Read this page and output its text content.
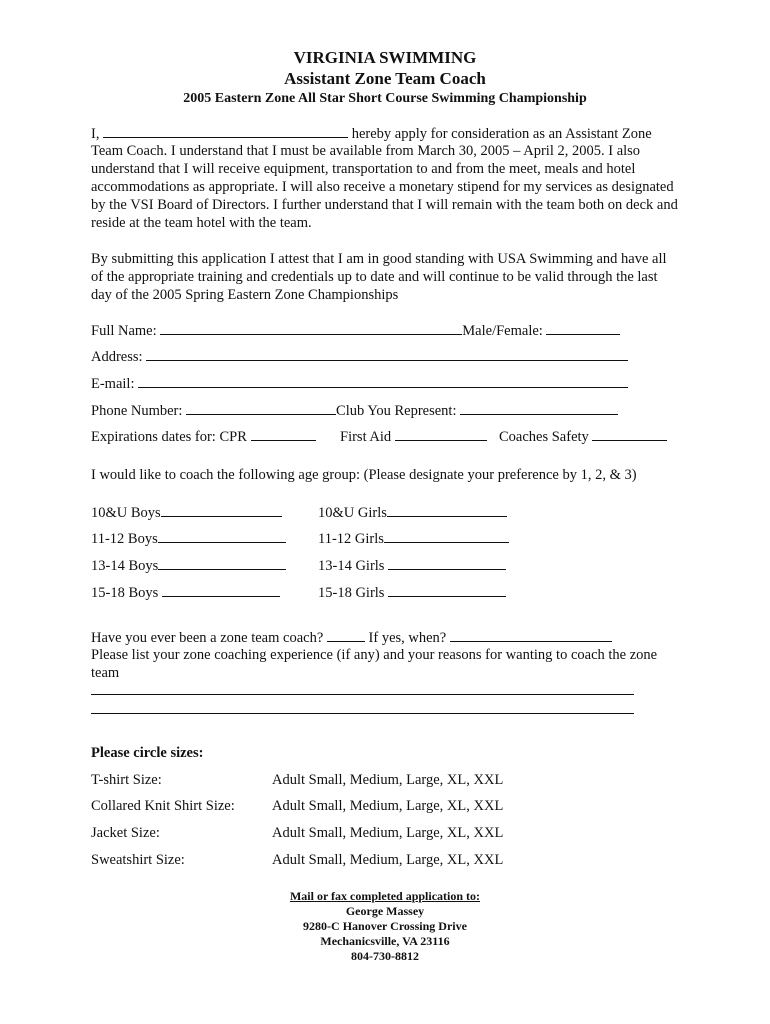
VIRGINIA SWIMMING
Assistant Zone Team Coach
2005 Eastern Zone All Star Short Course Swimming Championship
I,	hereby apply for consideration as an Assistant Zone
Team Coach. I understand that I must be available from March 30, 2005 – April 2, 2005. I also understand that I will receive equipment, transportation to and from the meet, meals and hotel accommodations as appropriate. I will also receive a monetary stipend for my services as designated by the VSI Board of Directors. I further understand that I will remain with the team both on deck and reside at the team hotel with the team.
By submitting this application I attest that I am in good standing with USA Swimming and have all of the appropriate training and credentials up to date and will continue to be valid through the last day of the 2005 Spring Eastern Zone Championships
Full Name:	Male/Female:
Address:
E-mail:
Phone Number:	Club You Represent:
Expirations dates for: CPR	First Aid	Coaches Safety
I would like to coach the following age group: (Please designate your preference by 1, 2, & 3)
10&U Boys	10&U Girls
11-12 Boys	11-12 Girls
13-14 Boys	13-14 Girls
15-18 Boys	15-18 Girls
Have you ever been a zone team coach?	If yes, when?
Please list your zone coaching experience (if any) and your reasons for wanting to coach the zone team
Please circle sizes:
T-shirt Size:	Adult Small, Medium, Large, XL, XXL
Collared Knit Shirt Size:	Adult Small, Medium, Large, XL, XXL
Jacket Size:	Adult Small, Medium, Large, XL, XXL
Sweatshirt Size:	Adult Small, Medium, Large, XL, XXL
Mail or fax completed application to:
George Massey
9280-C Hanover Crossing Drive
Mechanicsville, VA 23116
804-730-8812
